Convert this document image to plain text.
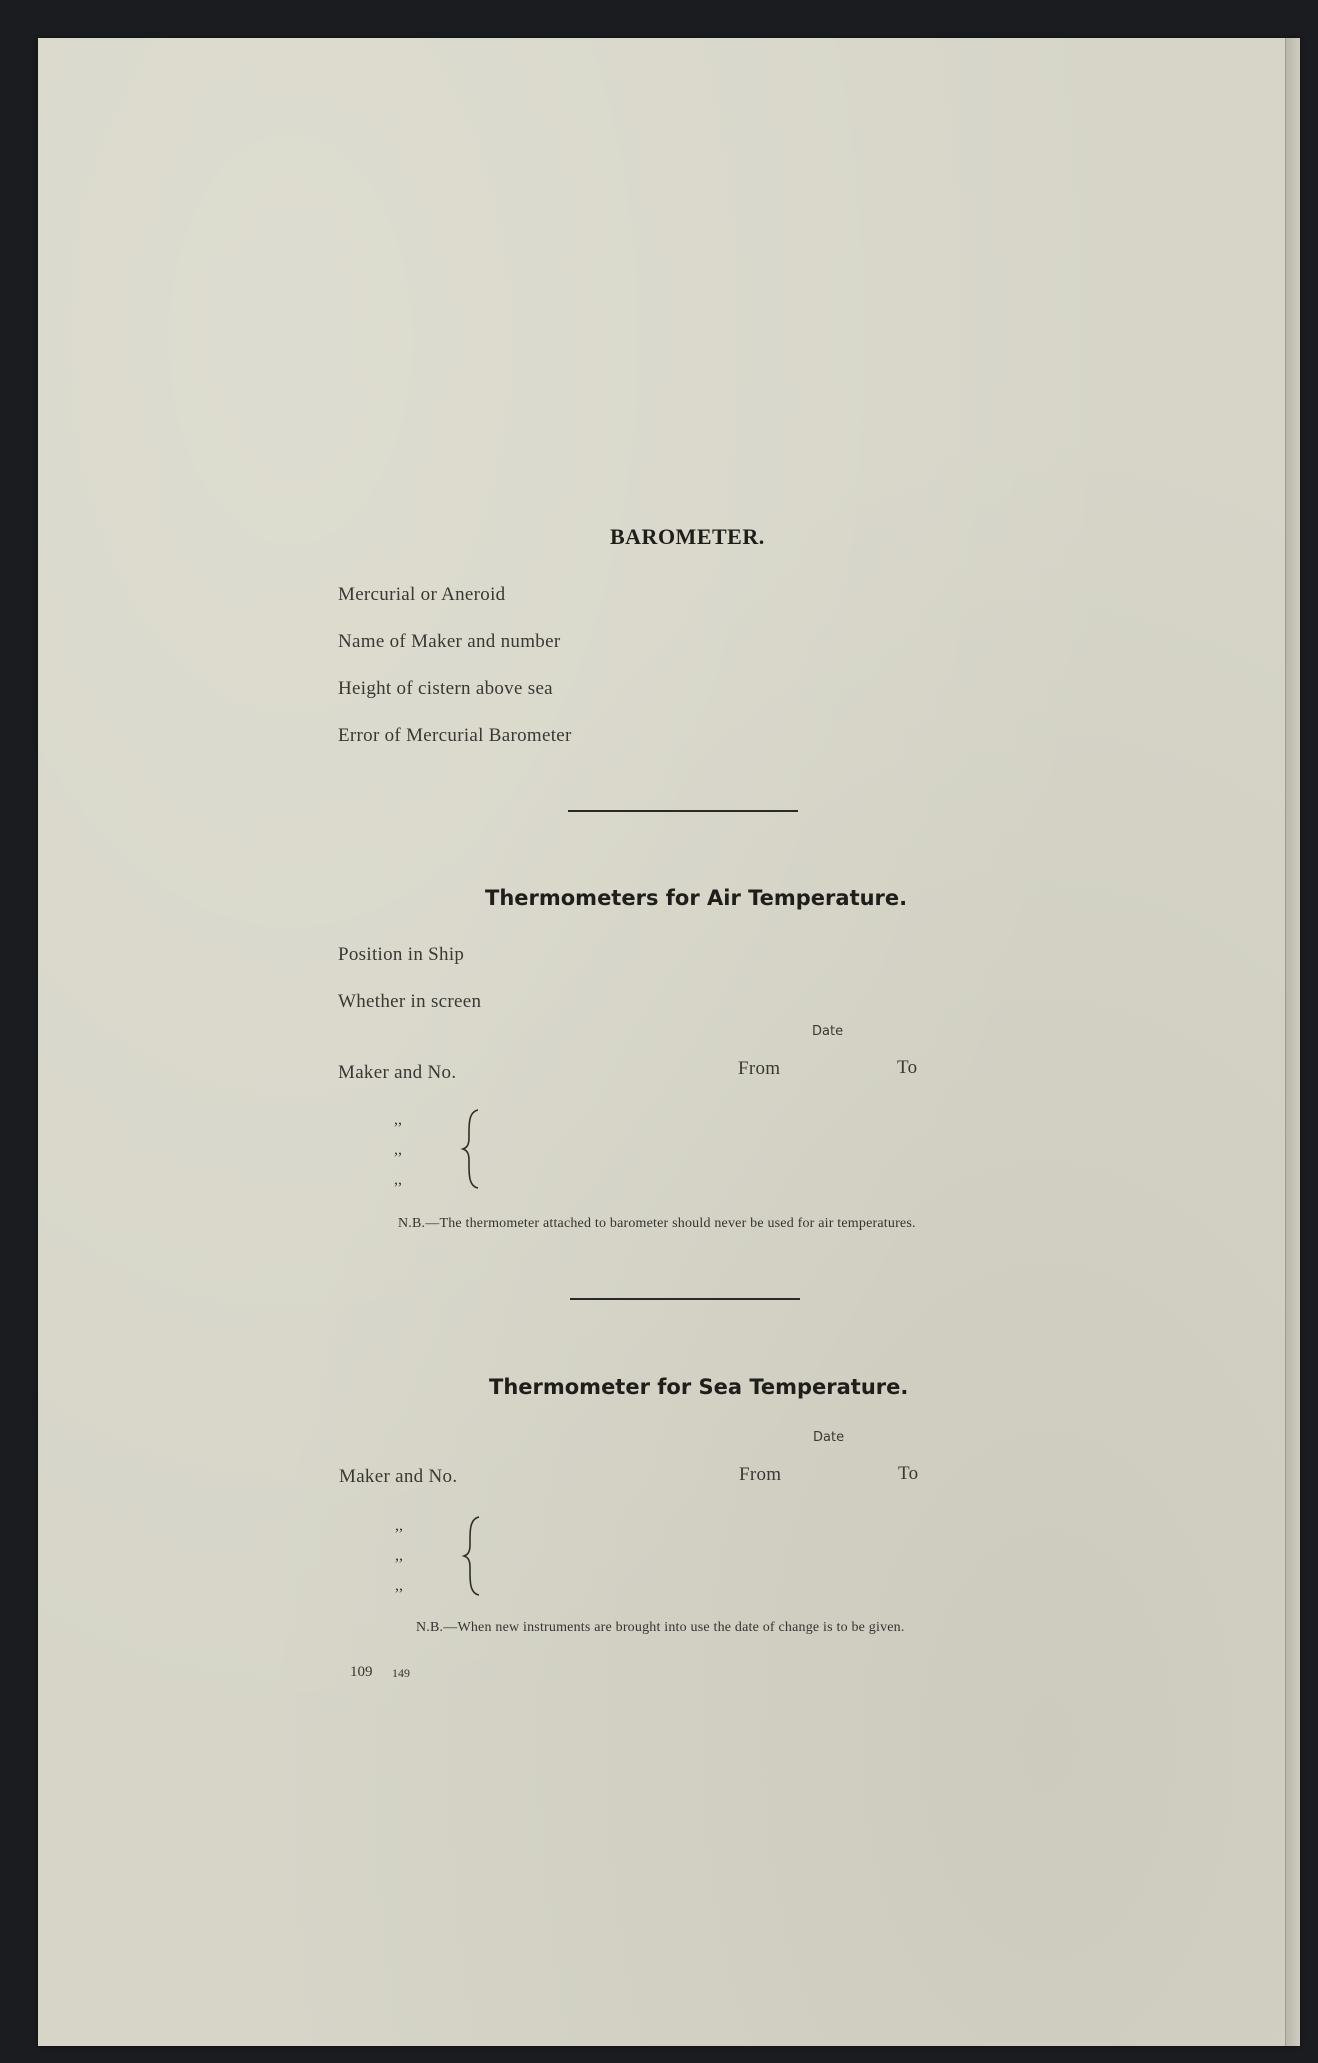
BAROMETER.
Mercurial or Aneroid
Name of Maker and number
Height of cistern above sea
Error of Mercurial Barometer
Thermometers for Air Temperature.
Position in Ship
Whether in screen
Date
Maker and No.	From	To
,,
,,
,,
N.B.—The thermometer attached to barometer should never be used for air temperatures.
Thermometer for Sea Temperature.
Date
Maker and No.	From	To
,,
,,
,,
N.B.—When new instruments are brought into use the date of change is to be given.
109 149
